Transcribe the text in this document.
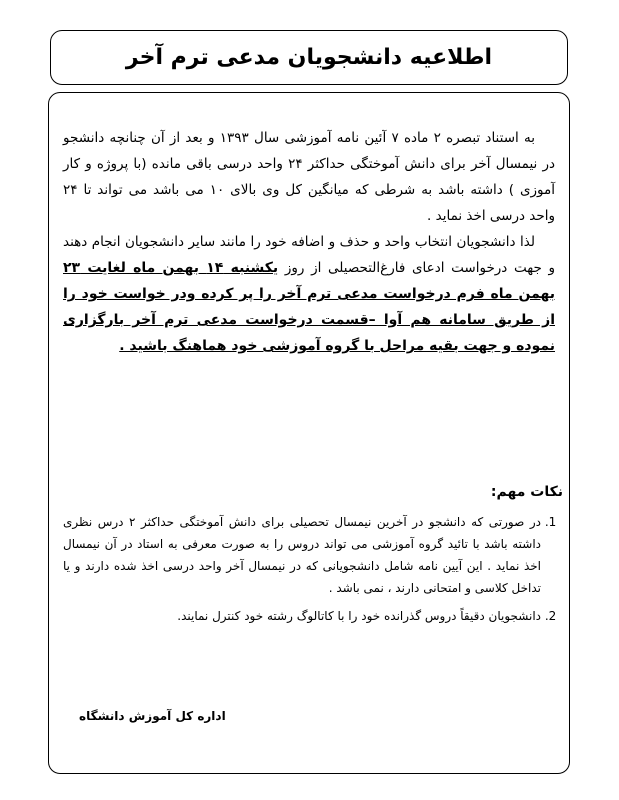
اطلاعیه دانشجویان مدعی ترم آخر

به استناد تبصره ۲ ماده ۷ آئین نامه آموزشی سال ۱۳۹۳ و بعد از آن چنانچه دانشجو در نیمسال آخر برای دانش آموختگی حداکثر ۲۴ واحد درسی باقی مانده (با پروژه و کار آموزی ) داشته باشد به شرطی که میانگین کل وی بالای ۱۰ می باشد می تواند تا ۲۴ واحد درسی اخذ نماید .

لذا دانشجویان انتخاب واحد و حذف و اضافه خود را مانند سایر دانشجویان انجام دهند و جهت درخواست ادعای فارغ‌التحصیلی از روز یکشنبه ۱۴ بهمن ماه لغایت ۲۳ بهمن ماه فرم درخواست مدعی ترم آخر را پر کرده ودر خواست خود را از طریق سامانه هم آوا –قسمت درخواست مدعی ترم آخر بارگزاری نموده و جهت بقیه مراحل با گروه آموزشی خود هماهنگ باشید .

نکات مهم:
1. در صورتی که دانشجو در آخرین نیمسال تحصیلی برای دانش آموختگی حداکثر ۲ درس نظری داشته باشد با تائید گروه آموزشی می تواند دروس را به صورت معرفی به استاد در آن نیمسال اخذ نماید . این آیین نامه شامل دانشجویانی که در نیمسال آخر واحد درسی اخذ شده دارند و یا تداخل کلاسی و امتحانی دارند ، نمی باشد .
2. دانشجویان دقیقاً دروس گذرانده خود را با کاتالوگ رشته خود کنترل نمایند.
اداره کل آموزش دانشگاه
